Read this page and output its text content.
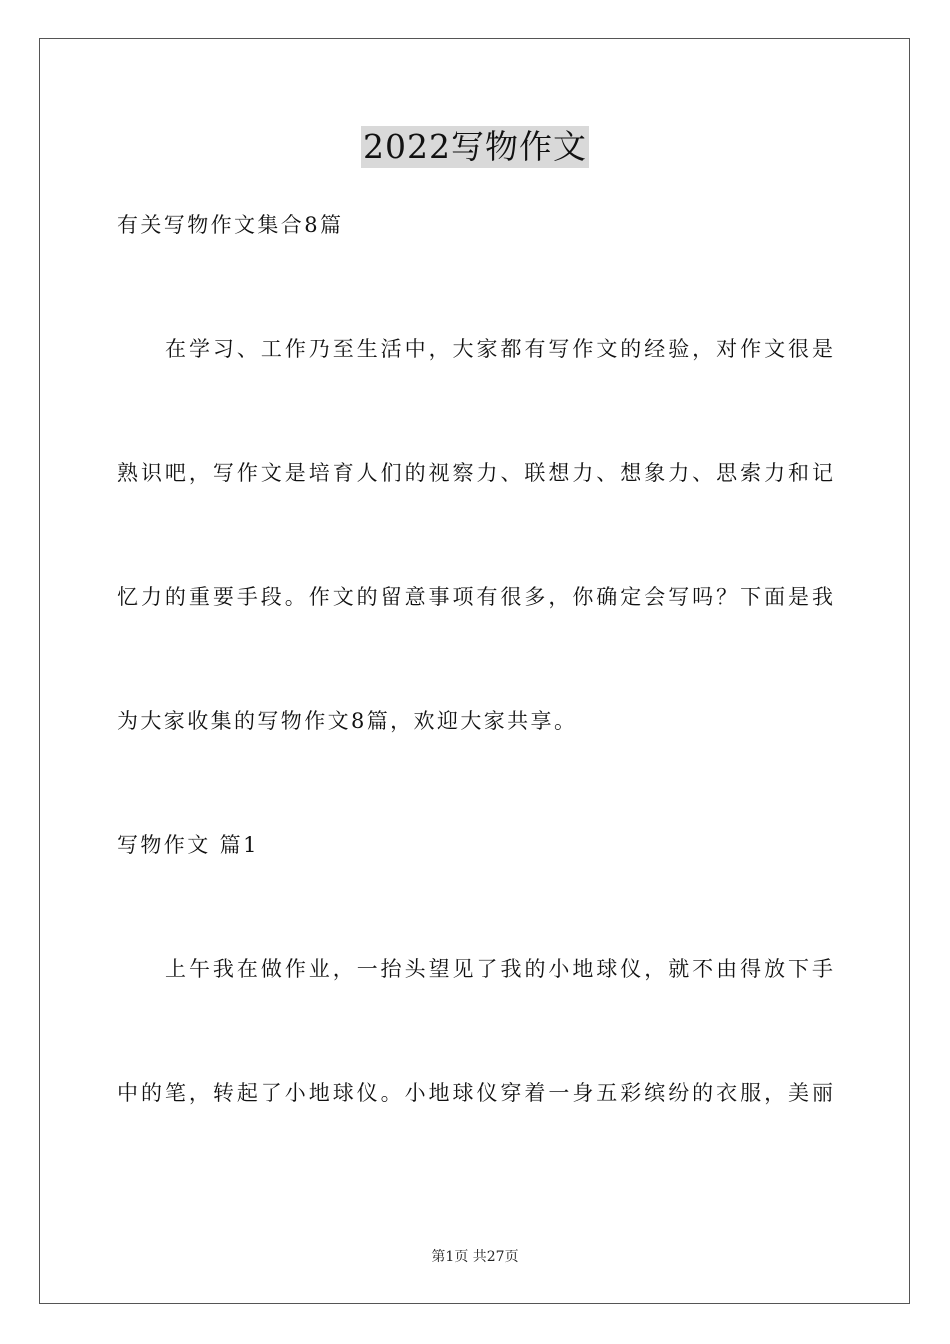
2022写物作文
有关写物作文集合8篇
在学习、工作乃至生活中，大家都有写作文的经验，对作文很是
熟识吧，写作文是培育人们的视察力、联想力、想象力、思索力和记
忆力的重要手段。作文的留意事项有很多，你确定会写吗？下面是我
为大家收集的写物作文8篇，欢迎大家共享。
写物作文 篇1
上午我在做作业，一抬头望见了我的小地球仪，就不由得放下手
中的笔，转起了小地球仪。小地球仪穿着一身五彩缤纷的衣服，美丽
第1页 共27页
